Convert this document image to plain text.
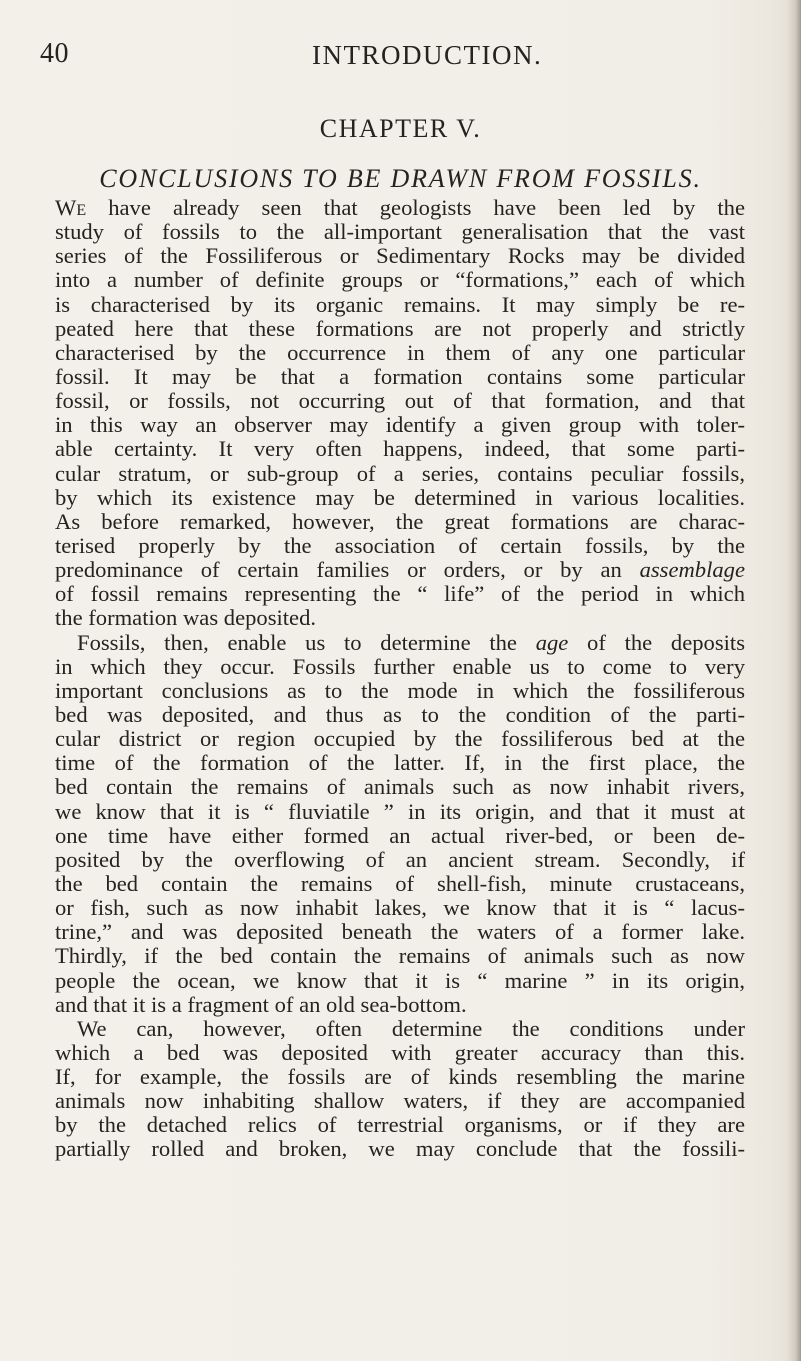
40	INTRODUCTION.
CHAPTER V.
CONCLUSIONS TO BE DRAWN FROM FOSSILS.
We have already seen that geologists have been led by the
study of fossils to the all-important generalisation that the vast
series of the Fossiliferous or Sedimentary Rocks may be divided
into a number of definite groups or “formations,” each of which
is characterised by its organic remains. It may simply be re-
peated here that these formations are not properly and strictly
characterised by the occurrence in them of any one particular
fossil. It may be that a formation contains some particular
fossil, or fossils, not occurring out of that formation, and that
in this way an observer may identify a given group with toler-
able certainty. It very often happens, indeed, that some parti-
cular stratum, or sub-group of a series, contains peculiar fossils,
by which its existence may be determined in various localities.
As before remarked, however, the great formations are charac-
terised properly by the association of certain fossils, by the
predominance of certain families or orders, or by an assemblage
of fossil remains representing the “ life” of the period in which
the formation was deposited.
Fossils, then, enable us to determine the age of the deposits
in which they occur. Fossils further enable us to come to very
important conclusions as to the mode in which the fossiliferous
bed was deposited, and thus as to the condition of the parti-
cular district or region occupied by the fossiliferous bed at the
time of the formation of the latter. If, in the first place, the
bed contain the remains of animals such as now inhabit rivers,
we know that it is “ fluviatile ” in its origin, and that it must at
one time have either formed an actual river-bed, or been de-
posited by the overflowing of an ancient stream. Secondly, if
the bed contain the remains of shell-fish, minute crustaceans,
or fish, such as now inhabit lakes, we know that it is “ lacus-
trine,” and was deposited beneath the waters of a former lake.
Thirdly, if the bed contain the remains of animals such as now
people the ocean, we know that it is “ marine ” in its origin,
and that it is a fragment of an old sea-bottom.
We can, however, often determine the conditions under
which a bed was deposited with greater accuracy than this.
If, for example, the fossils are of kinds resembling the marine
animals now inhabiting shallow waters, if they are accompanied
by the detached relics of terrestrial organisms, or if they are
partially rolled and broken, we may conclude that the fossili-
